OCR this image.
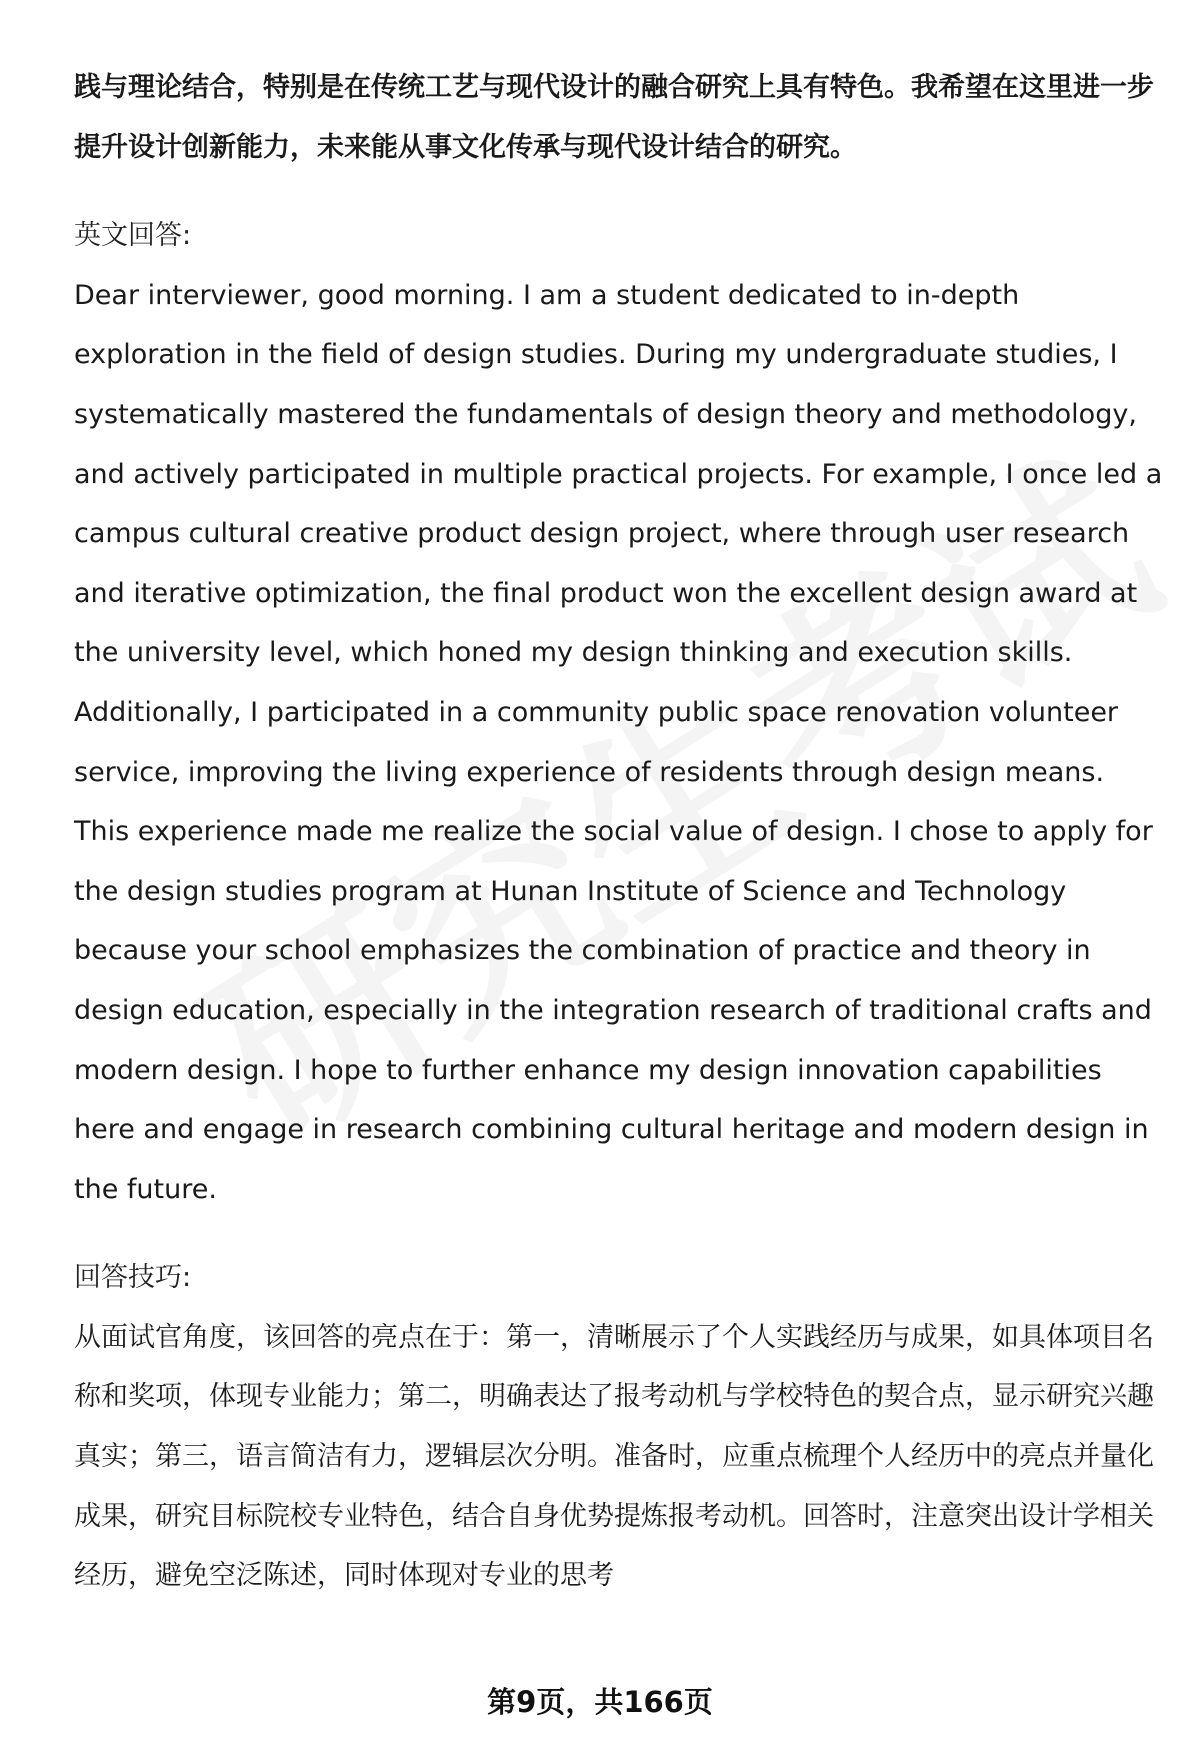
践与理论结合，特别是在传统工艺与现代设计的融合研究上具有特色。我希望在这里进一步提升设计创新能力，未来能从事文化传承与现代设计结合的研究。

英文回答:

Dear interviewer, good morning. I am a student dedicated to in-depth exploration in the field of design studies. During my undergraduate studies, I systematically mastered the fundamentals of design theory and methodology, and actively participated in multiple practical projects. For example, I once led a campus cultural creative product design project, where through user research and iterative optimization, the final product won the excellent design award at the university level, which honed my design thinking and execution skills. Additionally, I participated in a community public space renovation volunteer service, improving the living experience of residents through design means. This experience made me realize the social value of design. I chose to apply for the design studies program at Hunan Institute of Science and Technology because your school emphasizes the combination of practice and theory in design education, especially in the integration research of traditional crafts and modern design. I hope to further enhance my design innovation capabilities here and engage in research combining cultural heritage and modern design in the future.

回答技巧:

从面试官角度，该回答的亮点在于：第一，清晰展示了个人实践经历与成果，如具体项目名称和奖项，体现专业能力；第二，明确表达了报考动机与学校特色的契合点，显示研究兴趣真实；第三，语言简洁有力，逻辑层次分明。准备时，应重点梳理个人经历中的亮点并量化成果，研究目标院校专业特色，结合自身优势提炼报考动机。回答时，注意突出设计学相关经历，避免空泛陈述，同时体现对专业的思考

第9页，共166页
